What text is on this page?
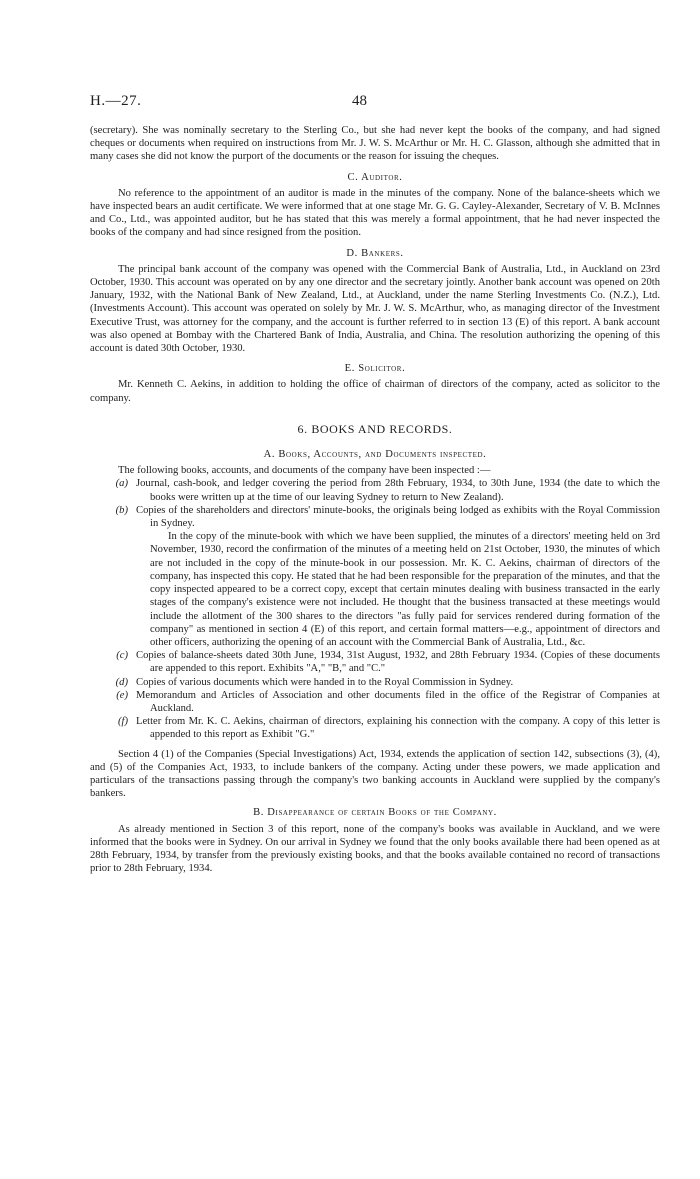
H.—27.	48

(secretary). She was nominally secretary to the Sterling Co., but she had never kept the books of the company, and had signed cheques or documents when required on instructions from Mr. J. W. S. McArthur or Mr. H. C. Glasson, although she admitted that in many cases she did not know the purport of the documents or the reason for issuing the cheques.

C. Auditor.

No reference to the appointment of an auditor is made in the minutes of the company. None of the balance-sheets which we have inspected bears an audit certificate. We were informed that at one stage Mr. G. G. Cayley-Alexander, Secretary of V. B. McInnes and Co., Ltd., was appointed auditor, but he has stated that this was merely a formal appointment, that he had never inspected the books of the company and had since resigned from the position.

D. Bankers.

The principal bank account of the company was opened with the Commercial Bank of Australia, Ltd., in Auckland on 23rd October, 1930. This account was operated on by any one director and the secretary jointly. Another bank account was opened on 20th January, 1932, with the National Bank of New Zealand, Ltd., at Auckland, under the name Sterling Investments Co. (N.Z.), Ltd. (Investments Account). This account was operated on solely by Mr. J. W. S. McArthur, who, as managing director of the Investment Executive Trust, was attorney for the company, and the account is further referred to in section 13 (E) of this report. A bank account was also opened at Bombay with the Chartered Bank of India, Australia, and China. The resolution authorizing the opening of this account is dated 30th October, 1930.

E. Solicitor.

Mr. Kenneth C. Aekins, in addition to holding the office of chairman of directors of the company, acted as solicitor to the company.

6. BOOKS AND RECORDS.

A. Books, Accounts, and Documents inspected.

The following books, accounts, and documents of the company have been inspected :—

(a) Journal, cash-book, and ledger covering the period from 28th February, 1934, to 30th June, 1934 (the date to which the books were written up at the time of our leaving Sydney to return to New Zealand).

(b) Copies of the shareholders and directors' minute-books, the originals being lodged as exhibits with the Royal Commission in Sydney.

In the copy of the minute-book with which we have been supplied, the minutes of a directors' meeting held on 3rd November, 1930, record the confirmation of the minutes of a meeting held on 21st October, 1930, the minutes of which are not included in the copy of the minute-book in our possession. Mr. K. C. Aekins, chairman of directors of the company, has inspected this copy. He stated that he had been responsible for the preparation of the minutes, and that the copy inspected appeared to be a correct copy, except that certain minutes dealing with business transacted in the early stages of the company's existence were not included. He thought that the business transacted at these meetings would include the allotment of the 300 shares to the directors "as fully paid for services rendered during formation of the company" as mentioned in section 4 (E) of this report, and certain formal matters—e.g., appointment of directors and other officers, authorizing the opening of an account with the Commercial Bank of Australia, Ltd., &c.

(c) Copies of balance-sheets dated 30th June, 1934, 31st August, 1932, and 28th February 1934. (Copies of these documents are appended to this report. Exhibits "A," "B," and "C."

(d) Copies of various documents which were handed in to the Royal Commission in Sydney.

(e) Memorandum and Articles of Association and other documents filed in the office of the Registrar of Companies at Auckland.

(f) Letter from Mr. K. C. Aekins, chairman of directors, explaining his connection with the company. A copy of this letter is appended to this report as Exhibit "G."

Section 4 (1) of the Companies (Special Investigations) Act, 1934, extends the application of section 142, subsections (3), (4), and (5) of the Companies Act, 1933, to include bankers of the company. Acting under these powers, we made application and particulars of the transactions passing through the company's two banking accounts in Auckland were supplied by the company's bankers.

B. Disappearance of certain Books of the Company.

As already mentioned in Section 3 of this report, none of the company's books was available in Auckland, and we were informed that the books were in Sydney. On our arrival in Sydney we found that the only books available there had been opened as at 28th February, 1934, by transfer from the previously existing books, and that the books available contained no record of transactions prior to 28th February, 1934.
